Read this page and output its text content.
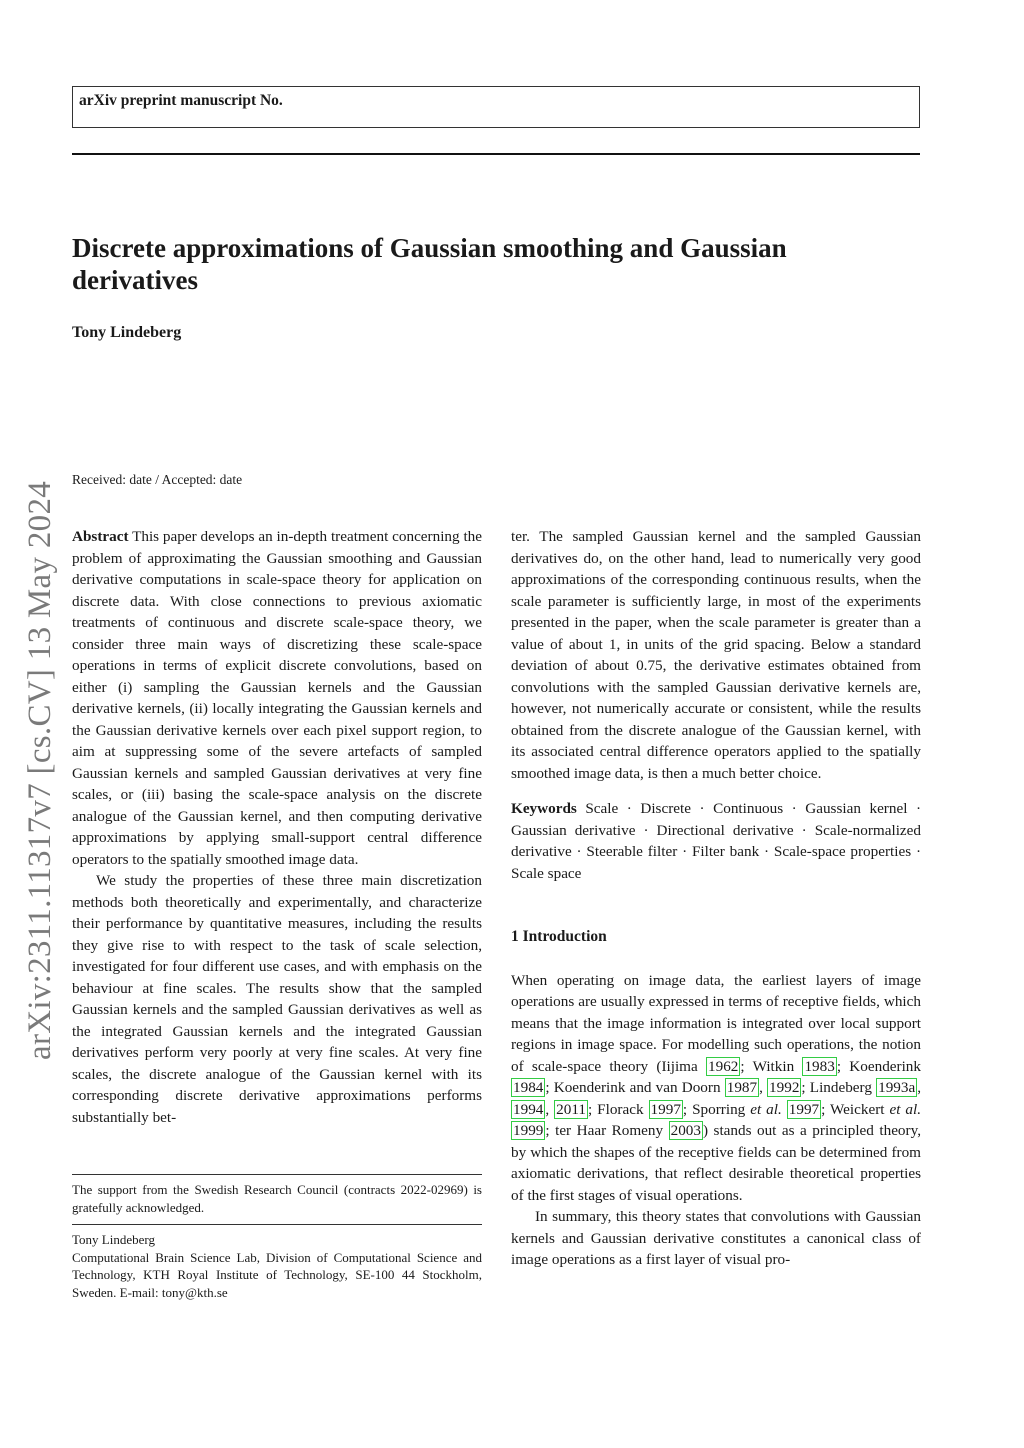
arXiv preprint manuscript No.
Discrete approximations of Gaussian smoothing and Gaussian derivatives
Tony Lindeberg
Received: date / Accepted: date
arXiv:2311.11317v7 [cs.CV] 13 May 2024 Abstract This paper develops an in-depth treatment concerning the problem of approximating the Gaussian smoothing and Gaussian derivative computations in scale-space theory for application on discrete data. With close connections to previous axiomatic treatments of continuous and discrete scale-space theory, we consider three main ways of discretizing these scale-space operations in terms of explicit discrete convolutions, based on either (i) sampling the Gaussian kernels and the Gaussian derivative kernels, (ii) locally integrating the Gaussian kernels and the Gaussian derivative kernels over each pixel support region, to aim at suppressing some of the severe artefacts of sampled Gaussian kernels and sampled Gaussian derivatives at very fine scales, or (iii) basing the scale-space analysis on the discrete analogue of the Gaussian kernel, and then computing derivative approximations by applying small-support central difference operators to the spatially smoothed image data.

We study the properties of these three main discretization methods both theoretically and experimentally, and characterize their performance by quantitative measures, including the results they give rise to with respect to the task of scale selection, investigated for four different use cases, and with emphasis on the behaviour at fine scales. The results show that the sampled Gaussian kernels and the sampled Gaussian derivatives as well as the integrated Gaussian kernels and the integrated Gaussian derivatives perform very poorly at very fine scales. At very fine scales, the discrete analogue of the Gaussian kernel with its corresponding discrete derivative approximations performs substantially bet-

ter. The sampled Gaussian kernel and the sampled Gaussian derivatives do, on the other hand, lead to numerically very good approximations of the corresponding continuous results, when the scale parameter is sufficiently large, in most of the experiments presented in the paper, when the scale parameter is greater than a value of about 1, in units of the grid spacing. Below a standard deviation of about 0.75, the derivative estimates obtained from convolutions with the sampled Gaussian derivative kernels are, however, not numerically accurate or consistent, while the results obtained from the discrete analogue of the Gaussian kernel, with its associated central difference operators applied to the spatially smoothed image data, is then a much better choice.

Keywords Scale · Discrete · Continuous · Gaussian kernel · Gaussian derivative · Directional derivative · Scale-normalized derivative · Steerable filter · Filter bank · Scale-space properties · Scale space

1 Introduction

When operating on image data, the earliest layers of image operations are usually expressed in terms of receptive fields, which means that the image information is integrated over local support regions in image space. For modelling such operations, the notion of scale-space theory (Iijima 1962 ; Witkin 1983 ; Koenderink 1984 ; Koenderink and van Doorn 1987 , 1992 ; Lindeberg 1993a , 1994 , 2011 ; Florack 1997 ; Sporring et al. 1997 ; Weickert et al. 1999 ; ter Haar Romeny 2003 ) stands out as a principled theory, by which the shapes of the receptive fields can be determined from axiomatic derivations, that reflect desirable theoretical properties of the first stages of visual operations.

In summary, this theory states that convolutions with Gaussian kernels and Gaussian derivative constitutes a canonical class of image operations as a first layer of visual pro-

The support from the Swedish Research Council (contracts 2022-02969) is gratefully acknowledged.

Tony Lindeberg

Computational Brain Science Lab, Division of Computational Science and Technology, KTH Royal Institute of Technology, SE-100 44 Stockholm, Sweden. E-mail: tony@kth.se
